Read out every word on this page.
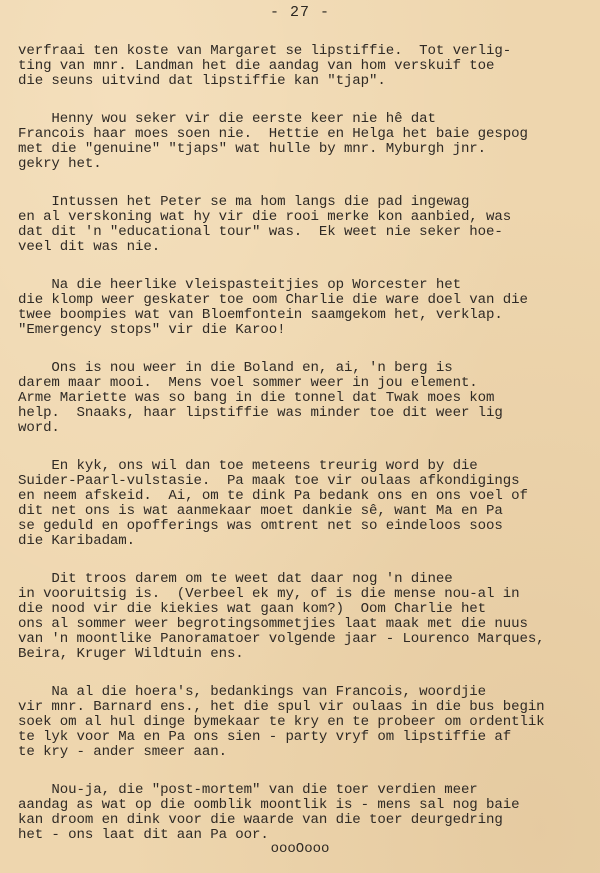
- 27 -
verfraai ten koste van Margaret se lipstiffie.  Tot verlig-
ting van mnr. Landman het die aandag van hom verskuif toe
die seuns uitvind dat lipstiffie kan "tjap".
Henny wou seker vir die eerste keer nie hê dat
Francois haar moes soen nie.  Hettie en Helga het baie gespog
met die "genuine" "tjaps" wat hulle by mnr. Myburgh jnr.
gekry het.
Intussen het Peter se ma hom langs die pad ingewag
en al verskoning wat hy vir die rooi merke kon aanbied, was
dat dit 'n "educational tour" was.  Ek weet nie seker hoe-
veel dit was nie.
Na die heerlike vleispasteitjies op Worcester het
die klomp weer geskater toe oom Charlie die ware doel van die
twee boompies wat van Bloemfontein saamgekom het, verklap.
"Emergency stops" vir die Karoo!
Ons is nou weer in die Boland en, ai, 'n berg is
darem maar mooi.  Mens voel sommer weer in jou element.
Arme Mariette was so bang in die tonnel dat Twak moes kom
help.  Snaaks, haar lipstiffie was minder toe dit weer lig
word.
En kyk, ons wil dan toe meteens treurig word by die
Suider-Paarl-vulstasie.  Pa maak toe vir oulaas afkondigings
en neem afskeid.  Ai, om te dink Pa bedank ons en ons voel of
dit net ons is wat aanmekaar moet dankie sê, want Ma en Pa
se geduld en opofferings was omtrent net so eindeloos soos
die Karibadam.
Dit troos darem om te weet dat daar nog 'n dinee
in vooruitsig is.  (Verbeel ek my, of is die mense nou-al in
die nood vir die kiekies wat gaan kom?)  Oom Charlie het
ons al sommer weer begrotingsommetjies laat maak met die nuus
van 'n moontlike Panoramatoer volgende jaar - Lourenco Marques,
Beira, Kruger Wildtuin ens.
Na al die hoera's, bedankings van Francois, woordjie
vir mnr. Barnard ens., het die spul vir oulaas in die bus begin
soek om al hul dinge bymekaar te kry en te probeer om ordentlik
te lyk voor Ma en Pa ons sien - party vryf om lipstiffie af
te kry - ander smeer aan.
Nou-ja, die "post-mortem" van die toer verdien meer
aandag as wat op die oomblik moontlik is - mens sal nog baie
kan droom en dink voor die waarde van die toer deurgedring
het - ons laat dit aan Pa oor.
oooOooo
